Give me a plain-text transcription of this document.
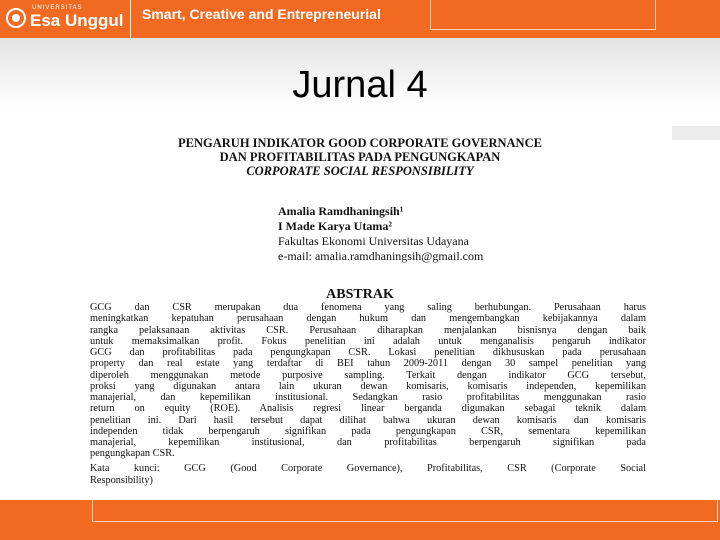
UNIVERSITAS
Esa Unggul Smart, Creative and Entrepreneurial
Jurnal 4
PENGARUH INDIKATOR GOOD CORPORATE GOVERNANCE
DAN PROFITABILITAS PADA PENGUNGKAPAN
CORPORATE SOCIAL RESPONSIBILITY
Amalia Ramdhaningsih¹
I Made Karya Utama²
Fakultas Ekonomi Universitas Udayana
e-mail: amalia.ramdhaningsih@gmail.com
ABSTRAK
GCG dan CSR merupakan dua fenomena yang saling berhubungan. Perusahaan harus
meningkatkan kepatuhan perusahaan dengan hukum dan mengembangkan kebijakannya dalam
rangka pelaksanaan aktivitas CSR. Perusahaan diharapkan menjalankan bisnisnya dengan baik
untuk memaksimalkan profit. Fokus penelitian ini adalah untuk menganalisis pengaruh indikator
GCG dan profitabilitas pada pengungkapan CSR. Lokasi penelitian dikhususkan pada perusahaan
property dan real estate yang terdaftar di BEI tahun 2009-2011 dengan 30 sampel penelitian yang
diperoleh menggunakan metode purposive sampling. Terkait dengan indikator GCG tersebut,
proksi yang digunakan antara lain ukuran dewan komisaris, komisaris independen, kepemilikan
manajerial, dan kepemilikan institusional. Sedangkan rasio profitabilitas menggunakan rasio
return on equity (ROE). Analisis regresi linear berganda digunakan sebagai teknik dalam
penelitian ini. Dari hasil tersebut dapat dilihat bahwa ukuran dewan komisaris dan komisaris
independen tidak berpengaruh signifikan pada pengungkapan CSR, sementara kepemilikan
manajerial, kepemilikan institusional, dan profitabilitas berpengaruh signifikan pada
pengungkapan CSR.
Kata kunci: GCG (Good Corporate Governance), Profitabilitas, CSR (Corporate Social
Responsibility)
